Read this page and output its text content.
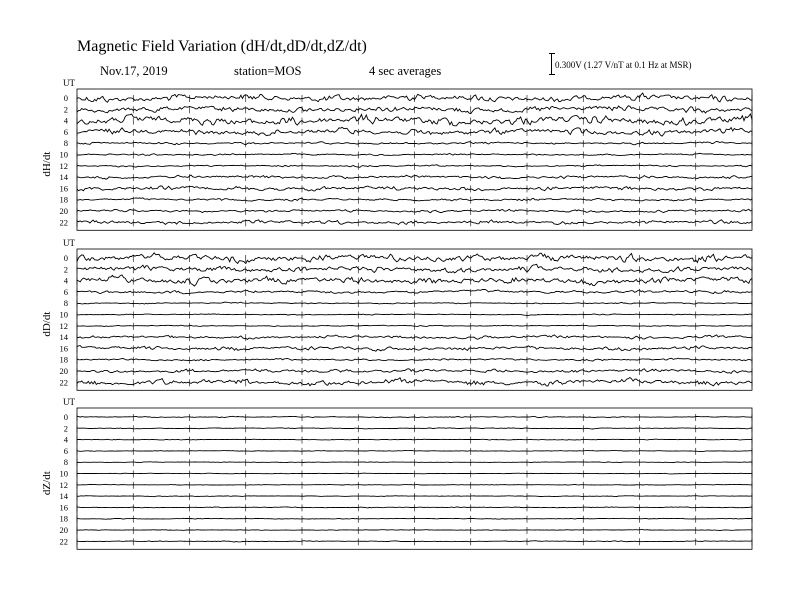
Magnetic Field Variation (dH/dt,dD/dt,dZ/dt)
Nov.17, 2019	station=MOS	4 sec averages	0.300V (1.27 V/nT at 0.1 Hz at MSR)
UT
dH/dt
0
2
4
6
8
10
12
14
16
18
20
22
UT
dD/dt
0
2
4
6
8
10
12
14
16
18
20
22
UT
dZ/dt
0
2
4
6
8
10
12
14
16
18
20
22
